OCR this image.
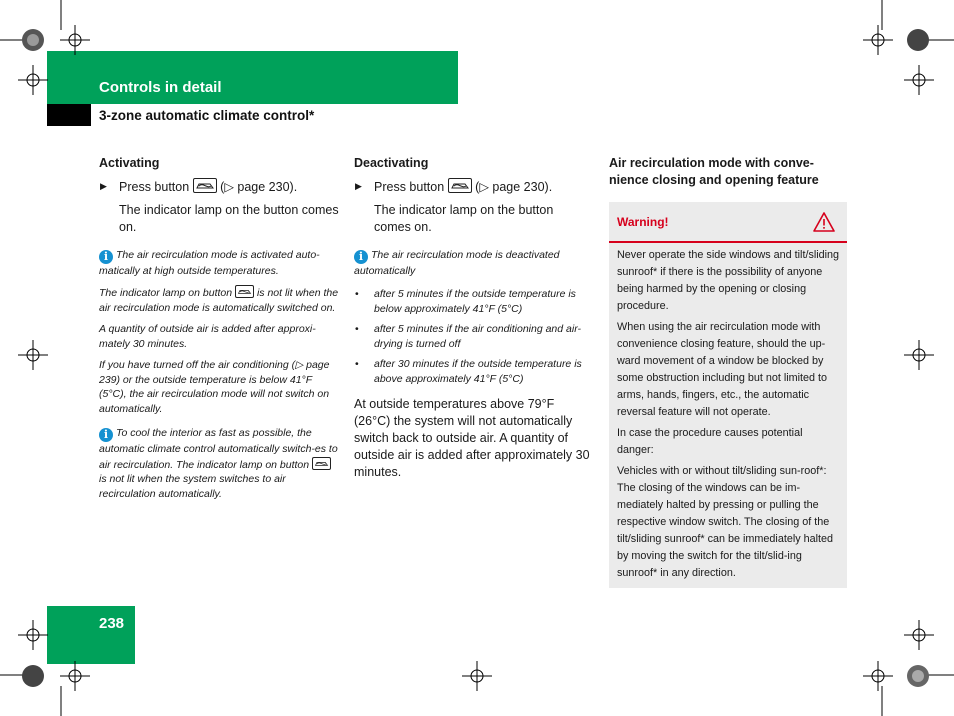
Controls in detail
3-zone automatic climate control*
238

Activating

▶ Press button (▷ page 230).

The indicator lamp on the button comes on.

i The air recirculation mode is activated auto-matically at high outside temperatures.

The indicator lamp on button is not lit when the air recirculation mode is automatically switched on.

A quantity of outside air is added after approxi-mately 30 minutes.

If you have turned off the air conditioning (▷ page 239) or the outside temperature is below 41°F (5°C), the air recirculation mode will not switch on automatically.

i To cool the interior as fast as possible, the automatic climate control automatically switch-es to air recirculation. The indicator lamp on button
is not lit when the system switches to air recirculation automatically.

Deactivating

▶ Press button (▷ page 230).

The indicator lamp on the button comes on.

i The air recirculation mode is deactivated automatically

• after 5 minutes if the outside temperature is below approximately 41°F (5°C)
• after 5 minutes if the air conditioning and air-drying is turned off
• after 30 minutes if the outside temperature is above approximately 41°F (5°C)

At outside temperatures above 79°F (26°C) the system will not automatically switch back to outside air. A quantity of outside air is added after approximately 30 minutes.

Air recirculation mode with conve-nience closing and opening feature

Warning!

Never operate the side windows and tilt/sliding sunroof* if there is the possibility of anyone being harmed by the opening or closing procedure.

When using the air recirculation mode with convenience closing feature, should the up-ward movement of a window be blocked by some obstruction including but not limited to arms, hands, fingers, etc., the automatic reversal feature will not operate.

In case the procedure causes potential danger:

Vehicles with or without tilt/sliding sun-roof*: The closing of the windows can be im-mediately halted by pressing or pulling the respective window switch. The closing of the tilt/sliding sunroof* can be immediately halted by moving the switch for the tilt/slid-ing sunroof* in any direction.
